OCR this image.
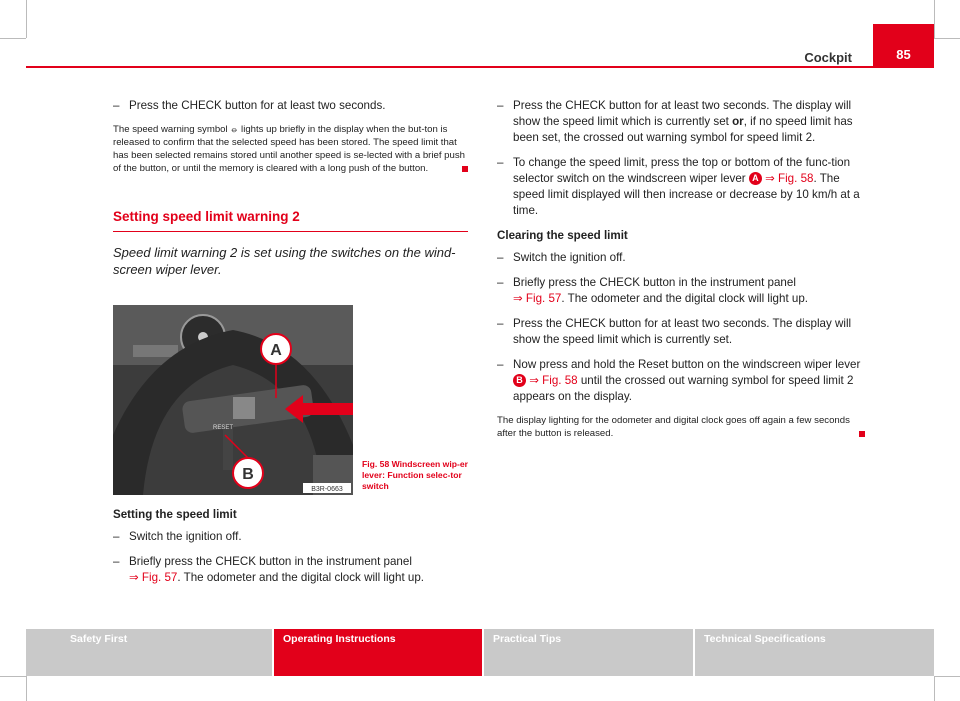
Cockpit	85
– Press the CHECK button for at least two seconds.

The speed warning symbol ⦵ lights up briefly in the display when the but-ton is released to confirm that the selected speed has been stored. The speed limit that has been selected remains stored until another speed is se-lected with a brief push of the button, or until the memory is cleared with a long push of the button.

Setting speed limit warning 2
Speed limit warning 2 is set using the switches on the wind-screen wiper lever.
A
B
RESET
B3R-0663
Fig. 58 Windscreen wip-er lever: Function selec-tor switch

Setting the speed limit

– Switch the ignition off.
– Briefly press the CHECK button in the instrument panel
⇒ Fig. 57. The odometer and the digital clock will light up.
– Press the CHECK button for at least two seconds. The display will show the speed limit which is currently set or, if no speed limit has been set, the crossed out warning symbol for speed limit 2.
– To change the speed limit, press the top or bottom of the func-tion selector switch on the windscreen wiper lever A ⇒ Fig. 58. The speed limit displayed will then increase or decrease by 10 km/h at a time.

Clearing the speed limit

– Switch the ignition off.
– Briefly press the CHECK button in the instrument panel
⇒ Fig. 57. The odometer and the digital clock will light up.
– Press the CHECK button for at least two seconds. The display will show the speed limit which is currently set.
– Now press and hold the Reset button on the windscreen wiper lever B ⇒ Fig. 58 until the crossed out warning symbol for speed limit 2 appears on the display.

The display lighting for the odometer and digital clock goes off again a few seconds after the button is released.

Safety First	Operating Instructions	Practical Tips	Technical Specifications
